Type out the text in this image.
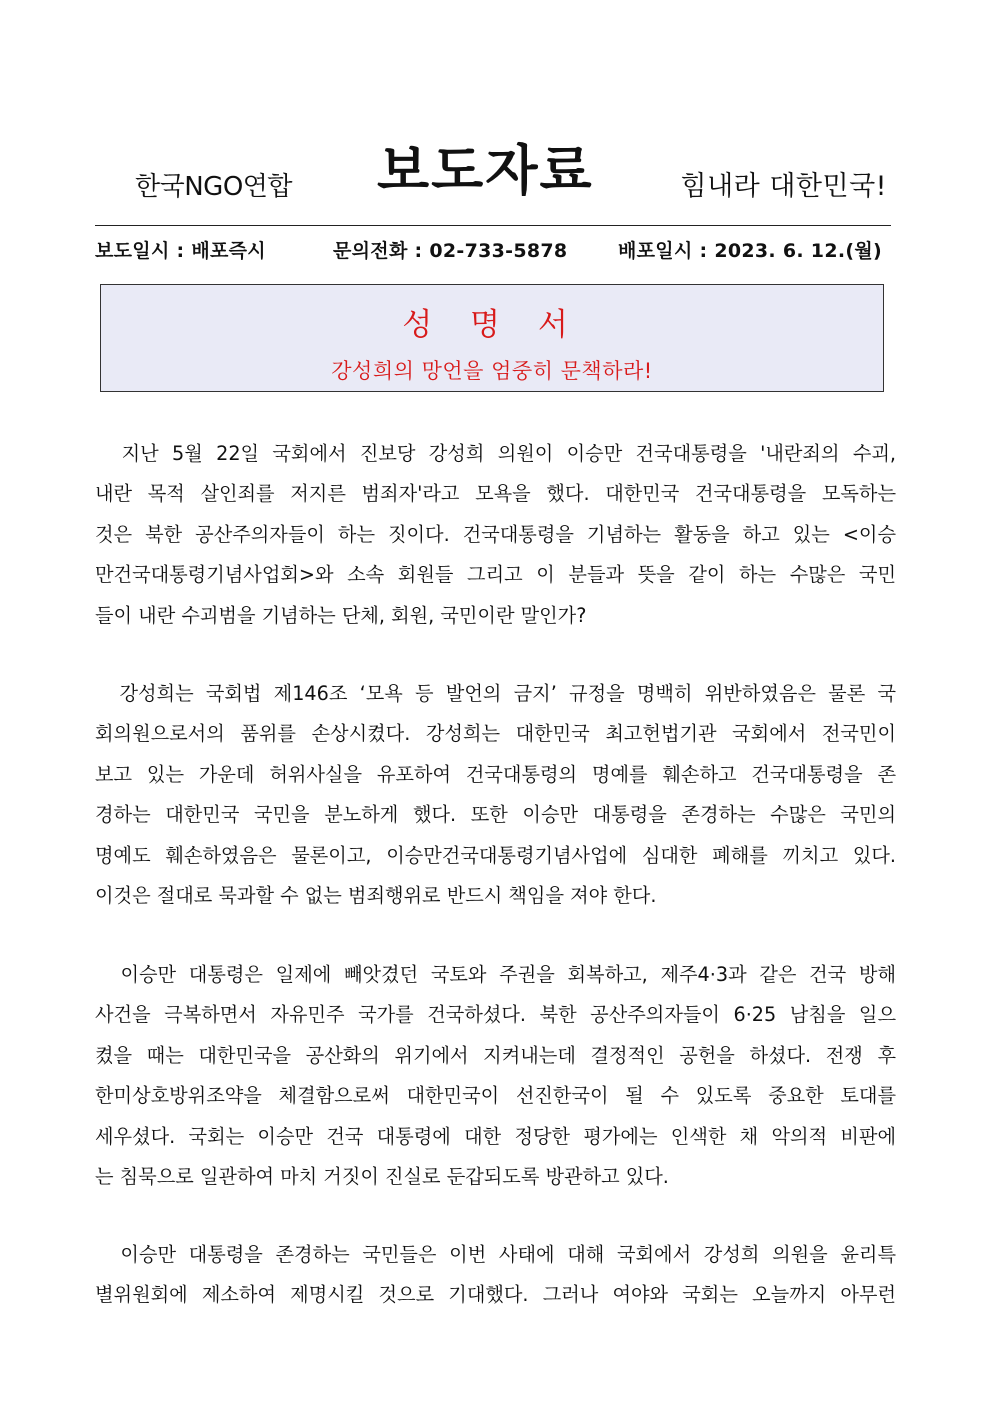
한국NGO연합 보도자료	힘내라 대한민국!
보도일시 : 배포즉시	문의전화 : 02-733-5878	배포일시 : 2023. 6. 12.(월)
성 명 서
강성희의 망언을 엄중히 문책하라!
지난 5월 22일 국회에서 진보당 강성희 의원이 이승만 건국대통령을 '내란죄의 수괴,
내란 목적 살인죄를 저지른 범죄자'라고 모욕을 했다. 대한민국 건국대통령을 모독하는
것은 북한 공산주의자들이 하는 짓이다. 건국대통령을 기념하는 활동을 하고 있는 <이승
만건국대통령기념사업회>와 소속 회원들 그리고 이 분들과 뜻을 같이 하는 수많은 국민
들이 내란 수괴범을 기념하는 단체, 회원, 국민이란 말인가?
강성희는 국회법 제146조 ‘모욕 등 발언의 금지’ 규정을 명백히 위반하였음은 물론 국
회의원으로서의 품위를 손상시켰다. 강성희는 대한민국 최고헌법기관 국회에서 전국민이
보고 있는 가운데 허위사실을 유포하여 건국대통령의 명예를 훼손하고 건국대통령을 존
경하는 대한민국 국민을 분노하게 했다. 또한 이승만 대통령을 존경하는 수많은 국민의
명예도 훼손하였음은 물론이고, 이승만건국대통령기념사업에 심대한 폐해를 끼치고 있다.
이것은 절대로 묵과할 수 없는 범죄행위로 반드시 책임을 져야 한다.
이승만 대통령은 일제에 빼앗겼던 국토와 주권을 회복하고, 제주4·3과 같은 건국 방해
사건을 극복하면서 자유민주 국가를 건국하셨다. 북한 공산주의자들이 6·25 남침을 일으
켰을 때는 대한민국을 공산화의 위기에서 지켜내는데 결정적인 공헌을 하셨다. 전쟁 후
한미상호방위조약을 체결함으로써 대한민국이 선진한국이 될 수 있도록 중요한 토대를
세우셨다. 국회는 이승만 건국 대통령에 대한 정당한 평가에는 인색한 채 악의적 비판에
는 침묵으로 일관하여 마치 거짓이 진실로 둔갑되도록 방관하고 있다.
이승만 대통령을 존경하는 국민들은 이번 사태에 대해 국회에서 강성희 의원을 윤리특
별위원회에 제소하여 제명시킬 것으로 기대했다. 그러나 여야와 국회는 오늘까지 아무런
